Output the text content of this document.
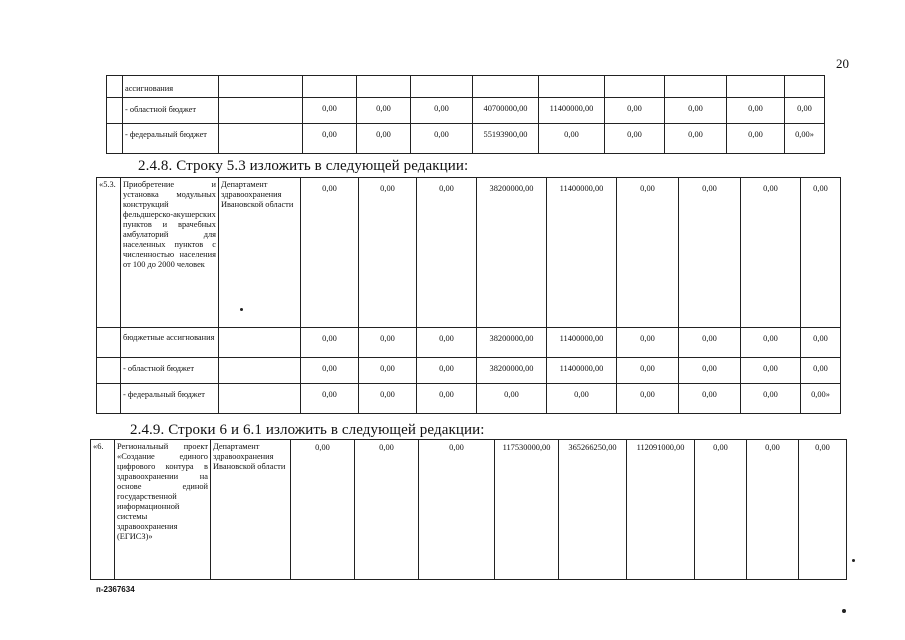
20
	ассигнования										
	- областной бюджет		0,00	0,00	0,00	40700000,00	11400000,00	0,00	0,00	0,00	0,00
	- федеральный бюджет		0,00	0,00	0,00	55193900,00	0,00	0,00	0,00	0,00	0,00»
2.4.8. Строку 5.3 изложить в следующей редакции:
«5.3.	Приобретение и установка модульных конструкций фельдшерско-акушерских пунктов и врачебных амбулаторий для населенных пунктов с численностью населения от 100 до 2000 человек	Департамент здравоохранения Ивановской области	0,00	0,00	0,00	38200000,00	11400000,00	0,00	0,00	0,00	0,00
	бюджетные ассигнования		0,00	0,00	0,00	38200000,00	11400000,00	0,00	0,00	0,00	0,00
	- областной бюджет		0,00	0,00	0,00	38200000,00	11400000,00	0,00	0,00	0,00	0,00
	- федеральный бюджет		0,00	0,00	0,00	0,00	0,00	0,00	0,00	0,00	0,00»
2.4.9. Строки 6 и 6.1 изложить в следующей редакции:
«6.	Региональный проект «Создание единого цифрового контура в здравоохранении на основе единой государственной информационной системы здравоохранения (ЕГИСЗ)»	Департамент здравоохранения Ивановской области	0,00	0,00	0,00	117530000,00	365266250,00	112091000,00	0,00	0,00	0,00
п-2367634
